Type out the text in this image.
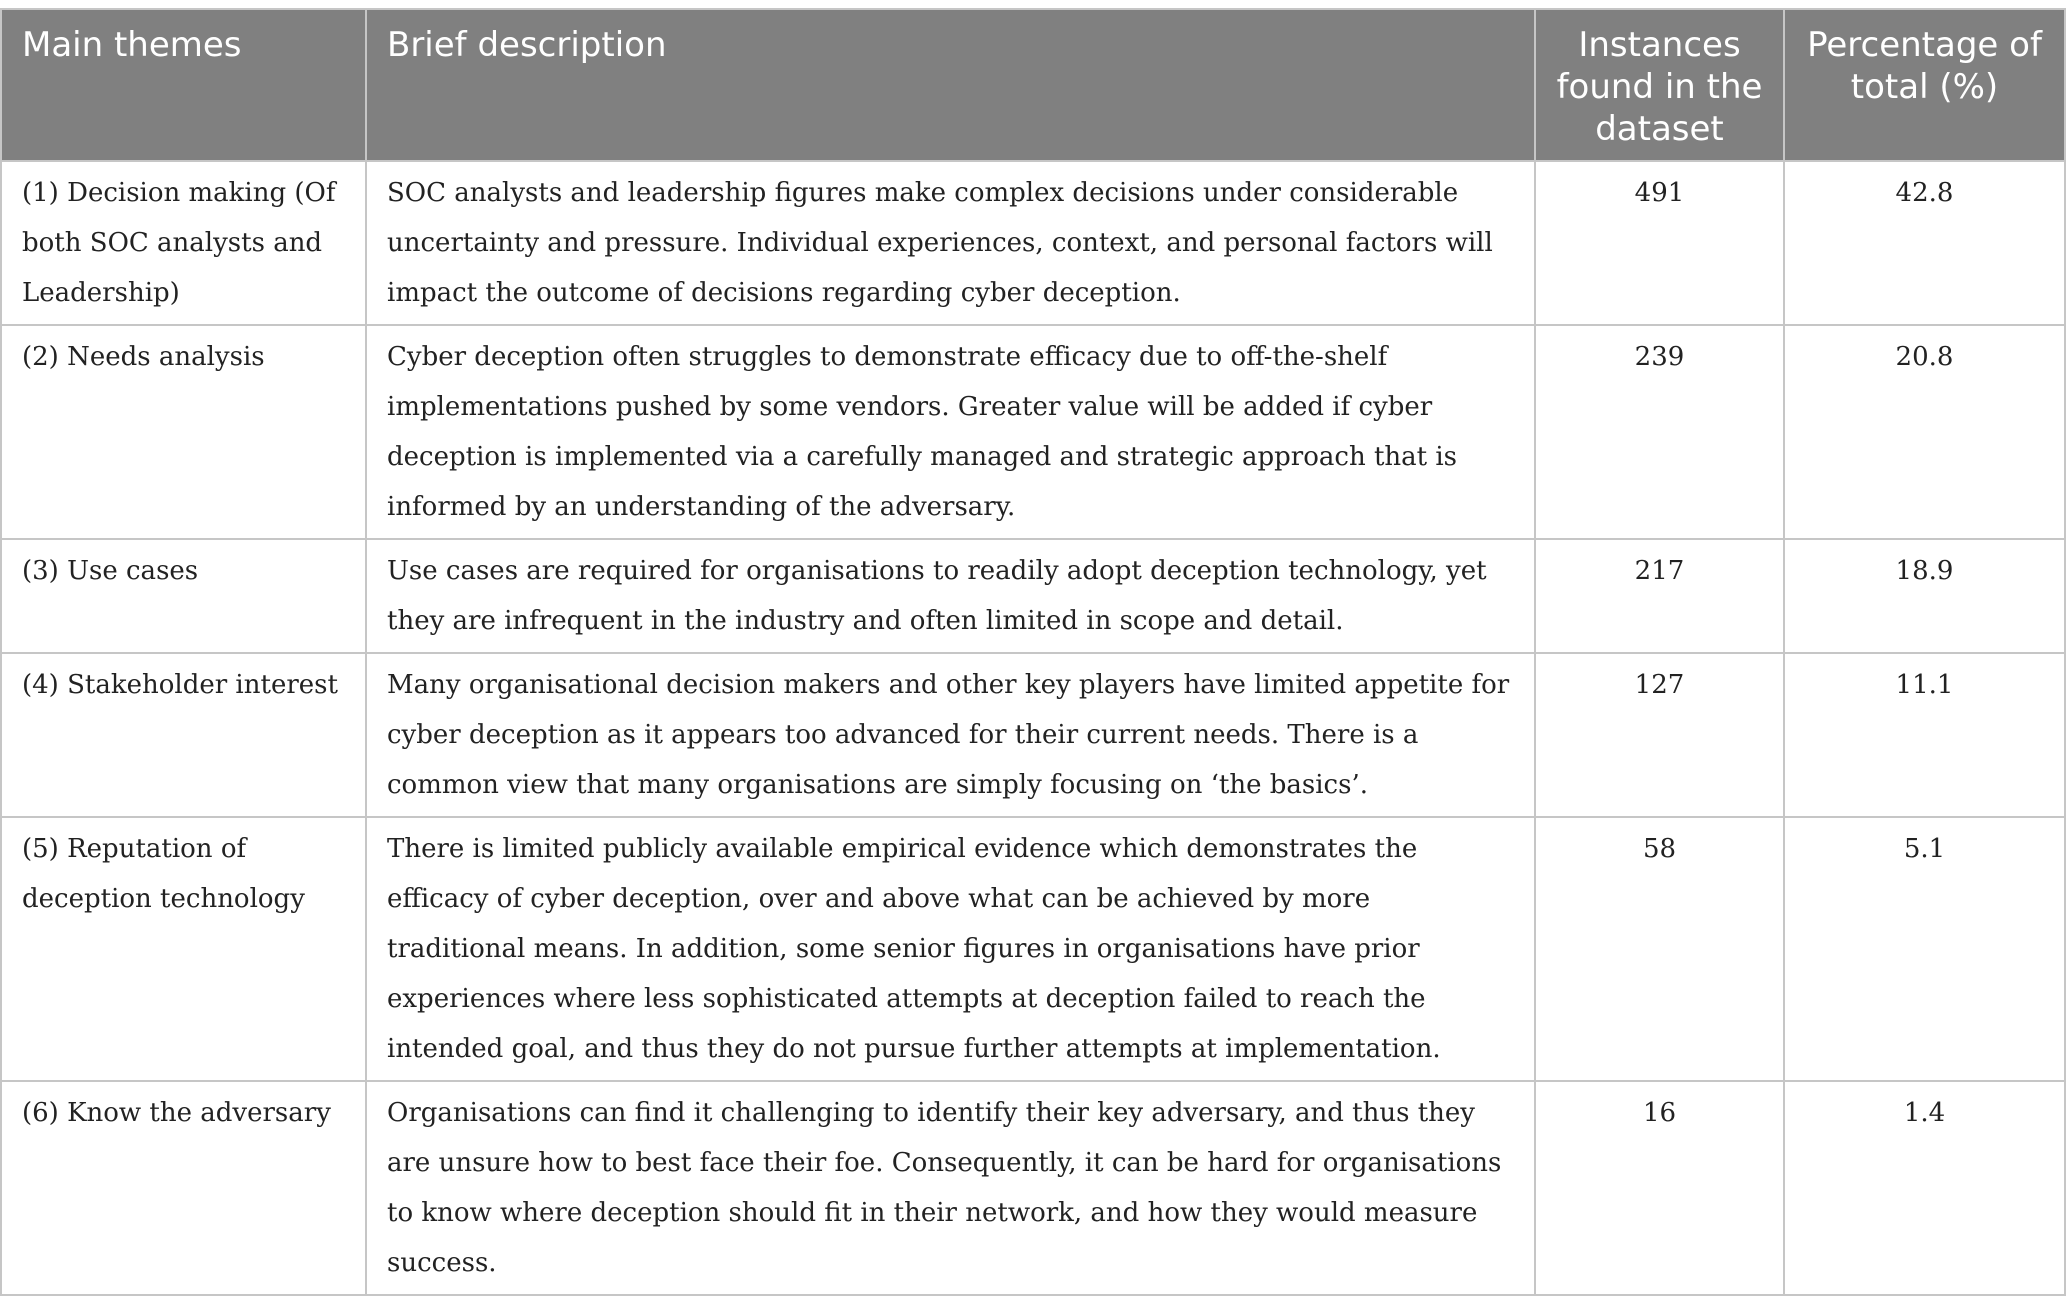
Main themes	Brief description	Instances found in the dataset	Percentage of total (%)
(1) Decision making (Of both SOC analysts and Leadership)	SOC analysts and leadership figures make complex decisions under considerable uncertainty and pressure. Individual experiences, context, and personal factors will impact the outcome of decisions regarding cyber deception.	491	42.8
(2) Needs analysis	Cyber deception often struggles to demonstrate efficacy due to off-the-shelf implementations pushed by some vendors. Greater value will be added if cyber deception is implemented via a carefully managed and strategic approach that is informed by an understanding of the adversary.	239	20.8
(3) Use cases	Use cases are required for organisations to readily adopt deception technology, yet they are infrequent in the industry and often limited in scope and detail.	217	18.9
(4) Stakeholder interest	Many organisational decision makers and other key players have limited appetite for cyber deception as it appears too advanced for their current needs. There is a common view that many organisations are simply focusing on ‘the basics’.	127	11.1
(5) Reputation of deception technology	There is limited publicly available empirical evidence which demonstrates the efficacy of cyber deception, over and above what can be achieved by more traditional means. In addition, some senior figures in organisations have prior experiences where less sophisticated attempts at deception failed to reach the intended goal, and thus they do not pursue further attempts at implementation.	58	5.1
(6) Know the adversary	Organisations can find it challenging to identify their key adversary, and thus they are unsure how to best face their foe. Consequently, it can be hard for organisations to know where deception should fit in their network, and how they would measure success.	16	1.4
